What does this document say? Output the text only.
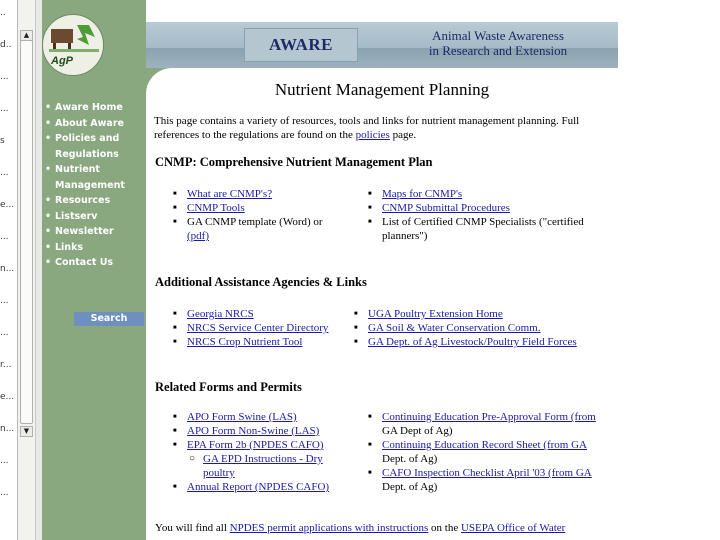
..
d..
...
...
s
...
e...
...
n...
...
...
r...
e...
n...
...
...
▲
▼
AgP
• Aware Home
• About Aware
• Policies and
Regulations
• Nutrient
Management
• Resources
• Listserv
• Newsletter
• Links
• Contact Us
Search
AWARE	Animal Waste Awareness
in Research and Extension
Nutrient Management Planning
This page contains a variety of resources, tools and links for nutrient management planning. Full
references to the regulations are found on the policies page.
CNMP: Comprehensive Nutrient Management Plan
■ What are CNMP's?
■ CNMP Tools
■ GA CNMP template (Word) or
(pdf)
■ Maps for CNMP's
■ CNMP Submittal Procedures
■ List of Certified CNMP Specialists ("certified
planners")
Additional Assistance Agencies & Links
■ Georgia NRCS
■ NRCS Service Center Directory
■ NRCS Crop Nutrient Tool
■ UGA Poultry Extension Home
■ GA Soil & Water Conservation Comm.
■ GA Dept. of Ag Livestock/Poultry Field Forces
Related Forms and Permits
■ APO Form Swine (LAS)
■ APO Form Non-Swine (LAS)
■ EPA Form 2b (NPDES CAFO)
○ GA EPD Instructions - Dry
poultry
■ Annual Report (NPDES CAFO)
■ Continuing Education Pre-Approval Form (from
GA Dept of Ag)
■ Continuing Education Record Sheet (from GA
Dept. of Ag)
■ CAFO Inspection Checklist April '03 (from GA
Dept. of Ag)
You will find all NPDES permit applications with instructions on the USEPA Office of Water
